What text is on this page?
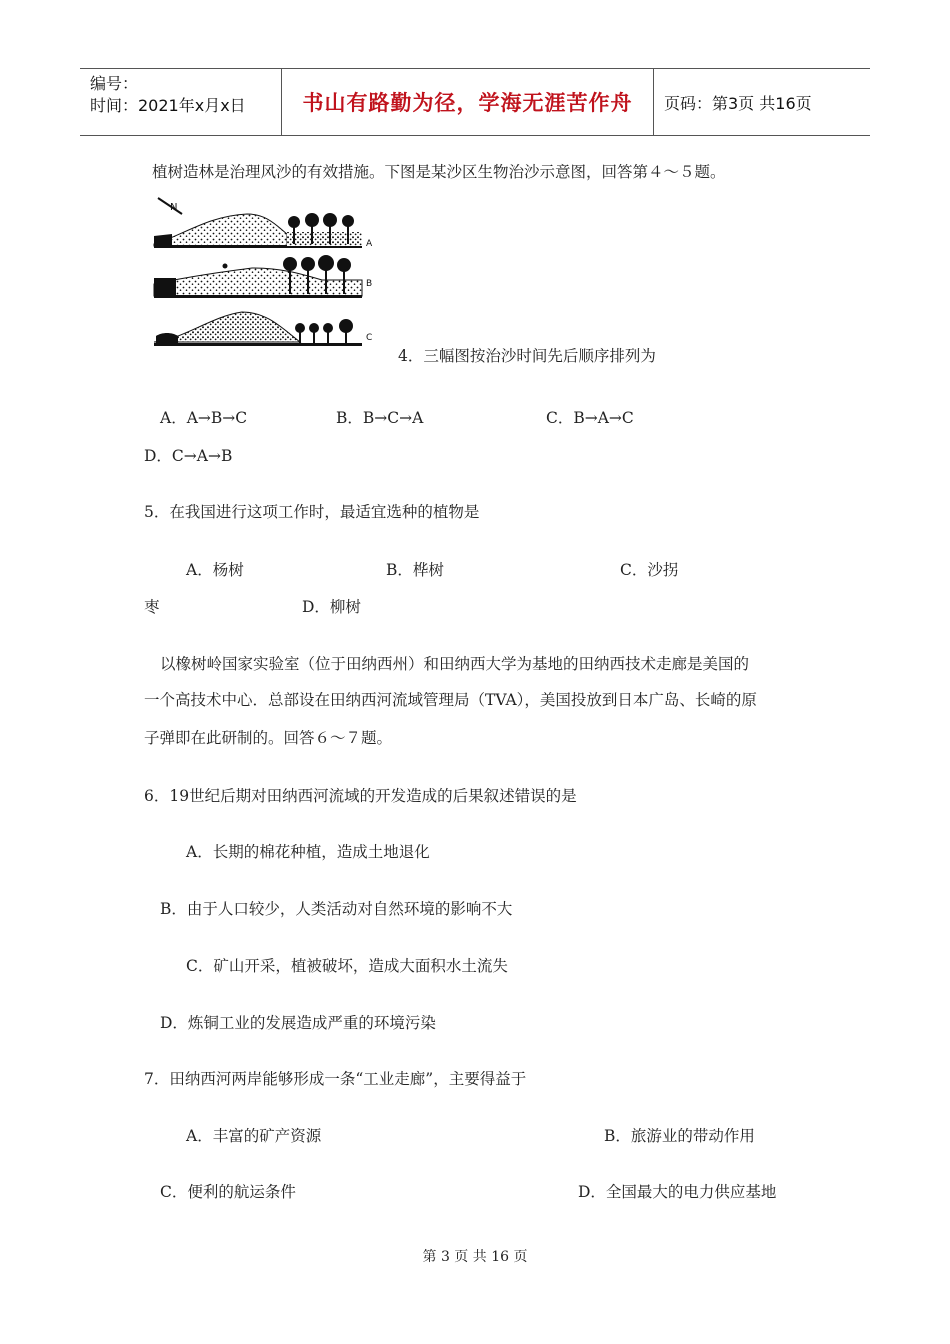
编号：
时间：2021年x月x日	书山有路勤为径，学海无涯苦作舟	页码：第3页 共16页
植树造林是治理风沙的有效措施。下图是某沙区生物治沙示意图，回答第４～５题。
N
A
B
C
4．三幅图按治沙时间先后顺序排列为
A．A→B→C	B．B→C→A	C．B→A→C
D．C→A→B
5．在我国进行这项工作时，最适宜选种的植物是
A．杨树	B．桦树	C．沙拐
枣	D．柳树
以橡树岭国家实验室（位于田纳西州）和田纳西大学为基地的田纳西技术走廊是美国的
一个高技术中心．总部设在田纳西河流域管理局（TVA），美国投放到日本广岛、长崎的原
子弹即在此研制的。回答６～７题。
6．19世纪后期对田纳西河流域的开发造成的后果叙述错误的是
A．长期的棉花种植，造成土地退化
B．由于人口较少，人类活动对自然环境的影响不大
C．矿山开采，植被破坏，造成大面积水土流失
D．炼铜工业的发展造成严重的环境污染
7．田纳西河两岸能够形成一条“工业走廊”，主要得益于
A．丰富的矿产资源	B．旅游业的带动作用
C．便利的航运条件	D．全国最大的电力供应基地
第 3 页 共 16 页
